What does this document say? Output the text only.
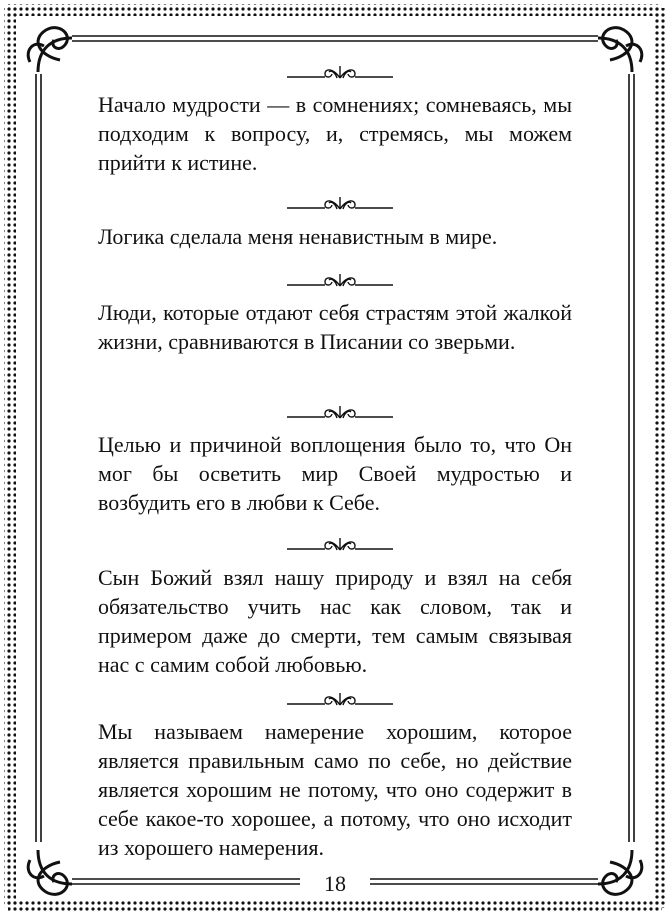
Начало мудрости — в сомнениях; сомневаясь, мы подходим к вопросу, и, стремясь, мы можем прийти к истине.

Логика сделала меня ненавистным в мире.

Люди, которые отдают себя страстям этой жалкой жизни, сравниваются в Писании со зверьми.

Целью и причиной воплощения было то, что Он мог бы осветить мир Своей мудростью и возбудить его в любви к Себе.

Сын Божий взял нашу природу и взял на себя обязательство учить нас как словом, так и примером даже до смерти, тем самым связывая нас с самим собой любовью.

Мы называем намерение хорошим, которое является правильным само по себе, но действие является хорошим не потому, что оно содержит в себе какое-то хорошее, а потому, что оно исходит из хорошего намерения.

18
